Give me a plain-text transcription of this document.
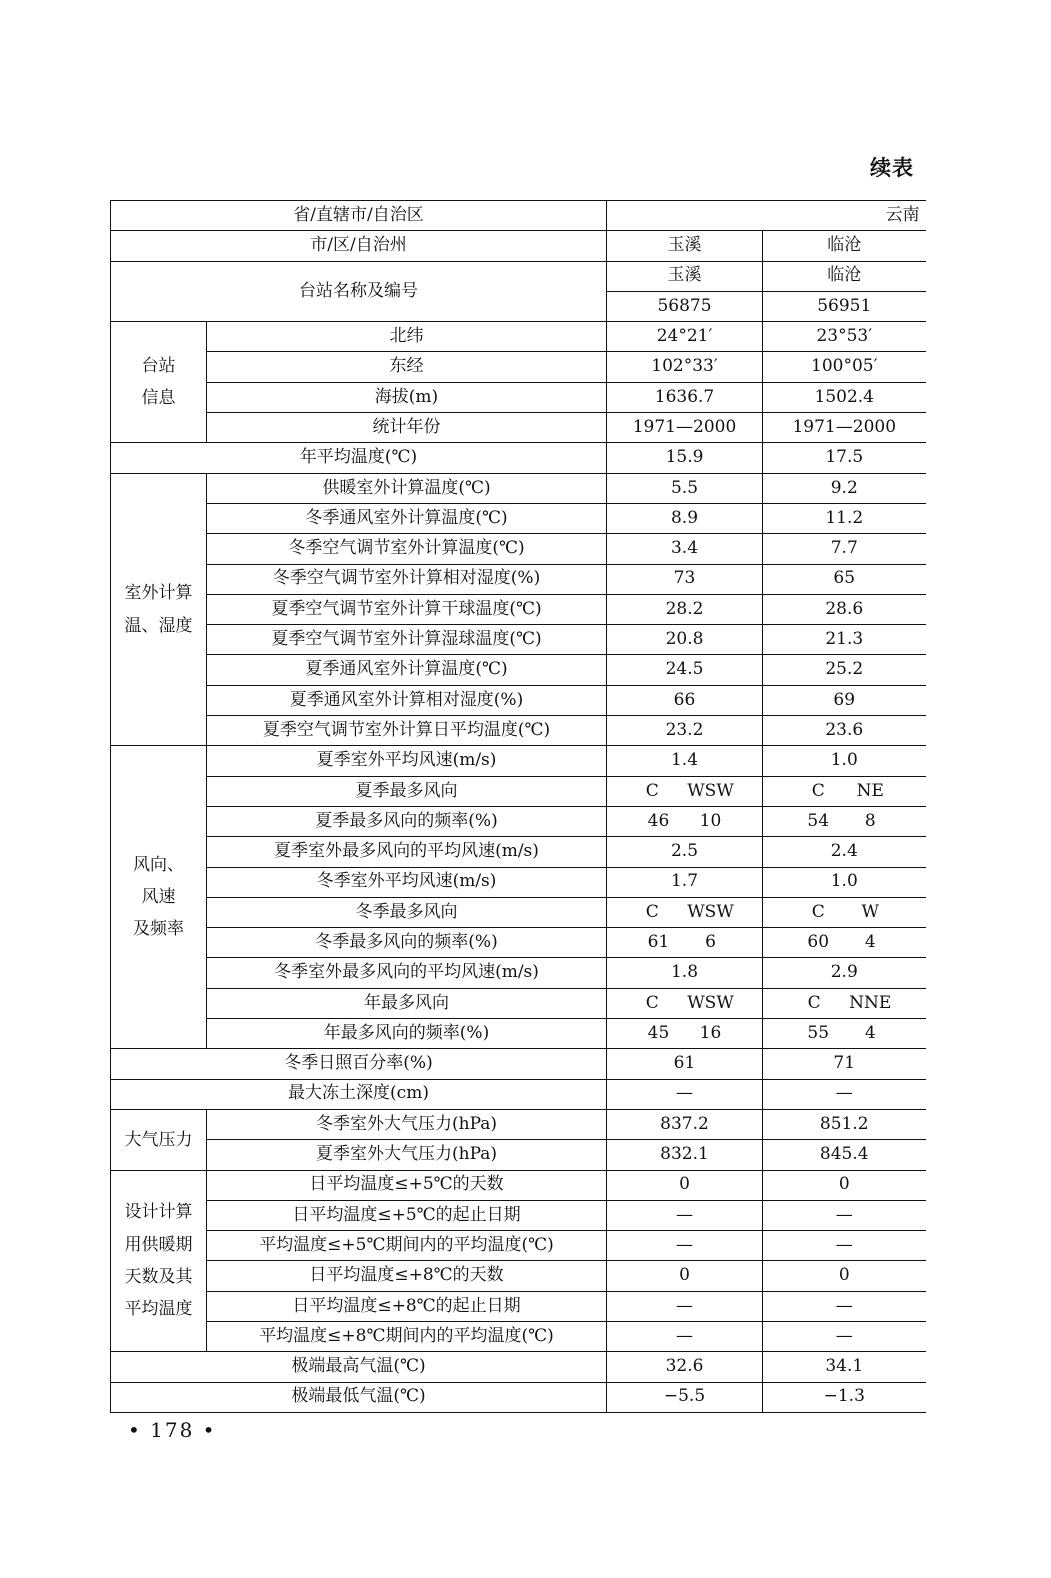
续表
省/直辖市/自治区		云南	
市/区/自治州		玉溪	临沧
台站名称及编号		玉溪	临沧
		56875	56951

台站
信息	北纬	24°21′	23°53′
	东经	102°33′	100°05′
	海拔(m)	1636.7	1502.4
	统计年份	1971—2000	1971—2000
年平均温度(℃)		15.9	17.5

室外计算
温、湿度	供暖室外计算温度(℃)	5.5	9.2
	冬季通风室外计算温度(℃)	8.9	11.2
	冬季空气调节室外计算温度(℃)	3.4	7.7
	冬季空气调节室外计算相对湿度(%)	73	65
	夏季空气调节室外计算干球温度(℃)	28.2	28.6
	夏季空气调节室外计算湿球温度(℃)	20.8	21.3
	夏季通风室外计算温度(℃)	24.5	25.2
	夏季通风室外计算相对湿度(%)	66	69
	夏季空气调节室外计算日平均温度(℃)	23.2	23.6

风向、
风速
及频率	夏季室外平均风速(m/s)	1.4	1.0
	夏季最多风向	C WSW	C NE
	夏季最多风向的频率(%)	46 10	54 8
	夏季室外最多风向的平均风速(m/s)	2.5	2.4
	冬季室外平均风速(m/s)	1.7	1.0
	冬季最多风向	C WSW	C W
	冬季最多风向的频率(%)	61 6	60 4
	冬季室外最多风向的平均风速(m/s)	1.8	2.9
	年最多风向	C WSW	C NNE
	年最多风向的频率(%)	45 16	55 4
冬季日照百分率(%)		61	71
最大冻土深度(cm)		—	—

大气压力	冬季室外大气压力(hPa)	837.2	851.2
	夏季室外大气压力(hPa)	832.1	845.4

设计计算
用供暖期
天数及其
平均温度	日平均温度≤+5℃的天数	0	0
	日平均温度≤+5℃的起止日期	—	—
	平均温度≤+5℃期间内的平均温度(℃)	—	—
	日平均温度≤+8℃的天数	0	0
	日平均温度≤+8℃的起止日期	—	—
	平均温度≤+8℃期间内的平均温度(℃)	—	—
极端最高气温(℃)		32.6	34.1
极端最低气温(℃)		−5.5	−1.3
• 178 •
